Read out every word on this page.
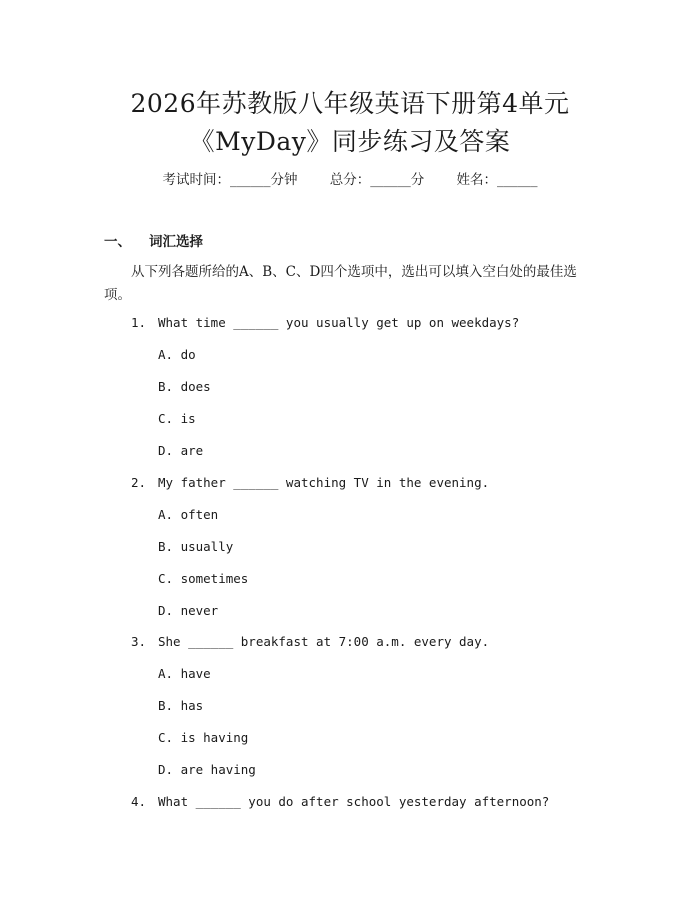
2026年苏教版八年级英语下册第4单元
《MyDay》同步练习及答案
考试时间：______分钟 总分：______分 姓名：______
一、 词汇选择
从下列各题所给的A、B、C、D四个选项中，选出可以填入空白处的最佳选项。
1. What time ______ you usually get up on weekdays?
A. do
B. does
C. is
D. are
2. My father ______ watching TV in the evening.
A. often
B. usually
C. sometimes
D. never
3. She ______ breakfast at 7:00 a.m. every day.
A. have
B. has
C. is having
D. are having
4. What ______ you do after school yesterday afternoon?
